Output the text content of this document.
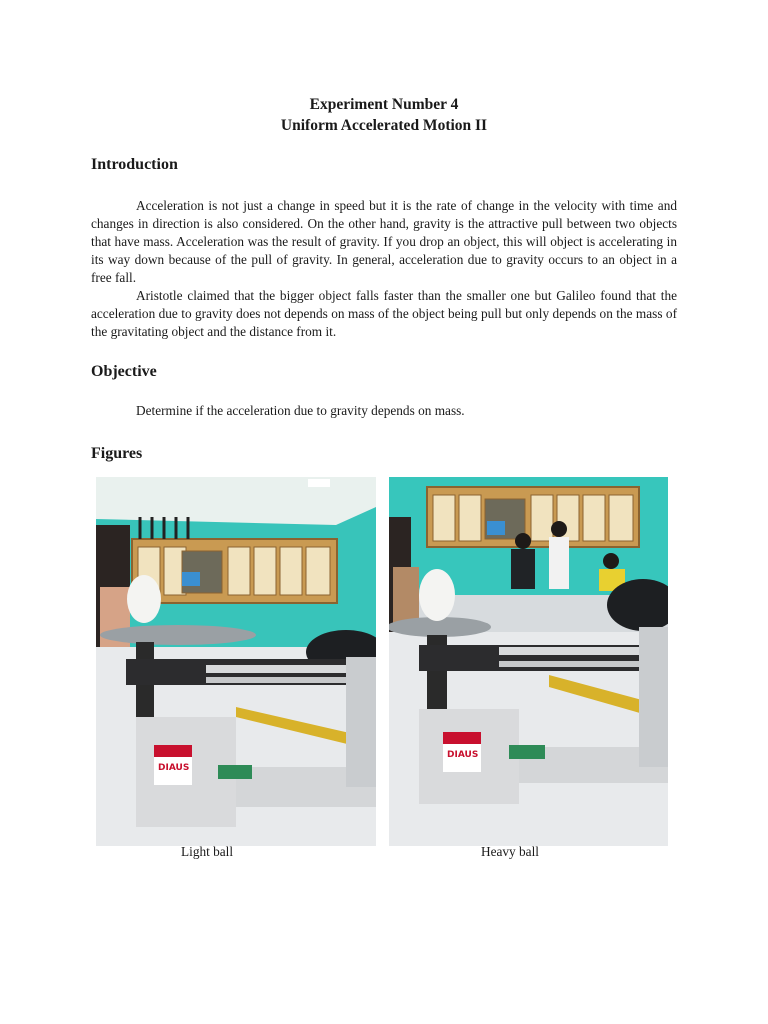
Experiment Number 4
Uniform Accelerated Motion II
Introduction

Acceleration is not just a change in speed but it is the rate of change in the velocity with time and changes in direction is also considered. On the other hand, gravity is the attractive pull between two objects that have mass. Acceleration was the result of gravity. If you drop an object, this will object is accelerating in its way down because of the pull of gravity. In general, acceleration due to gravity occurs to an object in a free fall.

Aristotle claimed that the bigger object falls faster than the smaller one but Galileo found that the acceleration due to gravity does not depends on mass of the object being pull but only depends on the mass of the gravitating object and the distance from it.

Objective
Determine if the acceleration due to gravity depends on mass.
Figures
DIAUS
DIAUS
Light ball	Heavy ball
